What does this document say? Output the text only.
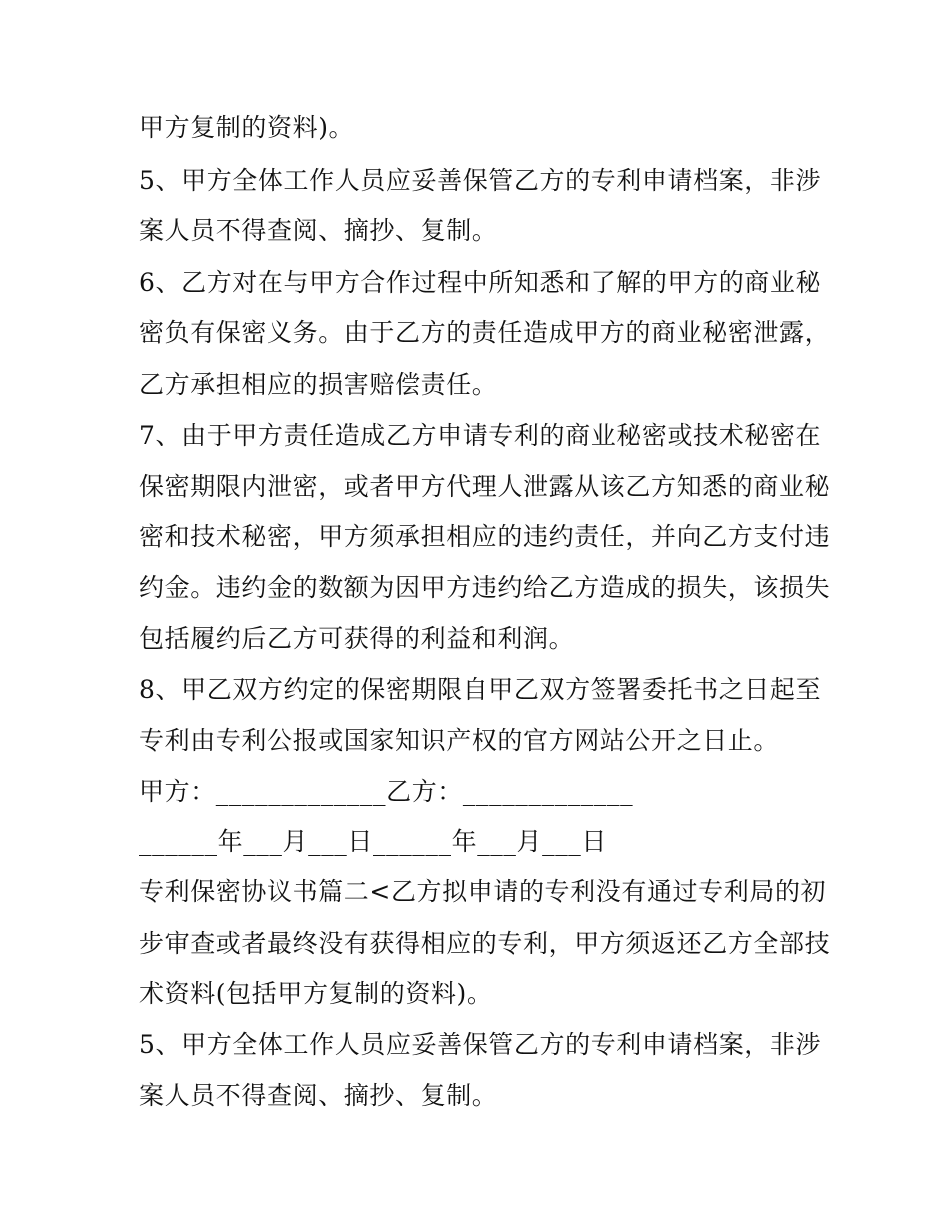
甲方复制的资料)。
5、甲方全体工作人员应妥善保管乙方的专利申请档案，非涉
案人员不得查阅、摘抄、复制。
6、乙方对在与甲方合作过程中所知悉和了解的甲方的商业秘
密负有保密义务。由于乙方的责任造成甲方的商业秘密泄露，
乙方承担相应的损害赔偿责任。
7、由于甲方责任造成乙方申请专利的商业秘密或技术秘密在
保密期限内泄密，或者甲方代理人泄露从该乙方知悉的商业秘
密和技术秘密，甲方须承担相应的违约责任，并向乙方支付违
约金。违约金的数额为因甲方违约给乙方造成的损失，该损失
包括履约后乙方可获得的利益和利润。
8、甲乙双方约定的保密期限自甲乙双方签署委托书之日起至
专利由专利公报或国家知识产权的官方网站公开之日止。
甲方：_____________乙方：_____________
______年___月___日______年___月___日
专利保密协议书篇二<乙方拟申请的专利没有通过专利局的初
步审查或者最终没有获得相应的专利，甲方须返还乙方全部技
术资料(包括甲方复制的资料)。
5、甲方全体工作人员应妥善保管乙方的专利申请档案，非涉
案人员不得查阅、摘抄、复制。
